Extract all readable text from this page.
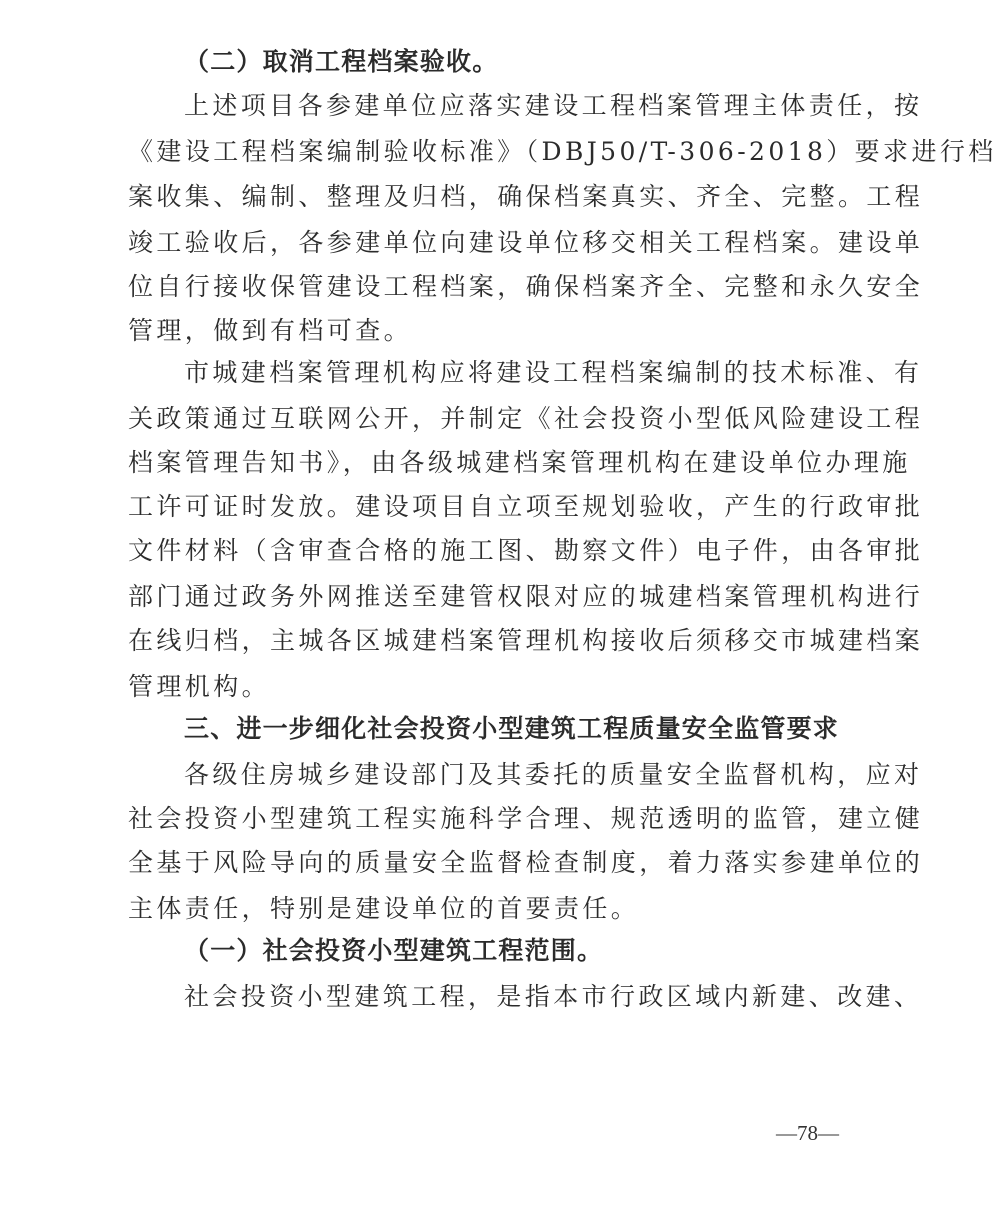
（二）取消工程档案验收。
上述项目各参建单位应落实建设工程档案管理主体责任，按
《建设工程档案编制验收标准》（DBJ50/T-306-2018）要求进行档
案收集、编制、整理及归档，确保档案真实、齐全、完整。工程
竣工验收后，各参建单位向建设单位移交相关工程档案。建设单
位自行接收保管建设工程档案，确保档案齐全、完整和永久安全
管理，做到有档可查。
市城建档案管理机构应将建设工程档案编制的技术标准、有
关政策通过互联网公开，并制定《社会投资小型低风险建设工程
档案管理告知书》，由各级城建档案管理机构在建设单位办理施
工许可证时发放。建设项目自立项至规划验收，产生的行政审批
文件材料（含审查合格的施工图、勘察文件）电子件，由各审批
部门通过政务外网推送至建管权限对应的城建档案管理机构进行
在线归档，主城各区城建档案管理机构接收后须移交市城建档案
管理机构。
三、进一步细化社会投资小型建筑工程质量安全监管要求
各级住房城乡建设部门及其委托的质量安全监督机构，应对
社会投资小型建筑工程实施科学合理、规范透明的监管，建立健
全基于风险导向的质量安全监督检查制度，着力落实参建单位的
主体责任，特别是建设单位的首要责任。
（一）社会投资小型建筑工程范围。
社会投资小型建筑工程，是指本市行政区域内新建、改建、
—78—
